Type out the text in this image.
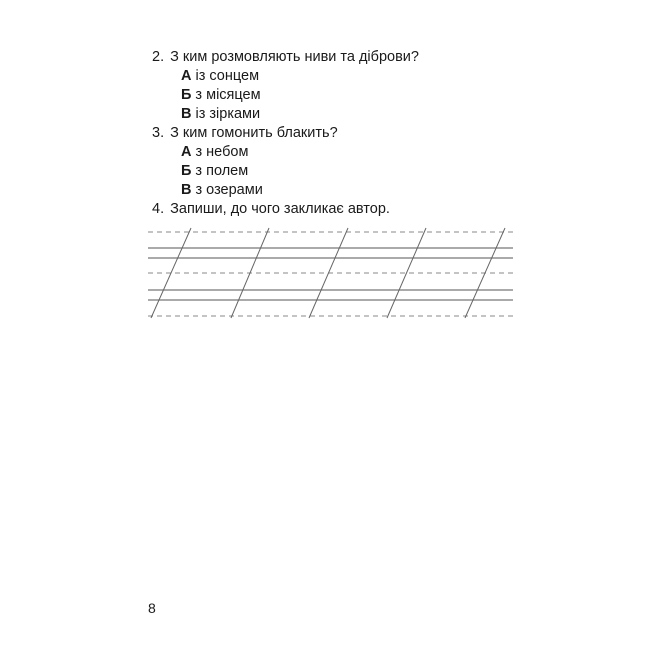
2. З ким розмовляють ниви та діброви?
А із сонцем
Б з місяцем
В із зірками
3. З ким гомонить блакить?
А з небом
Б з полем
В з озерами
4. Запиши, до чого закликає автор.
8
